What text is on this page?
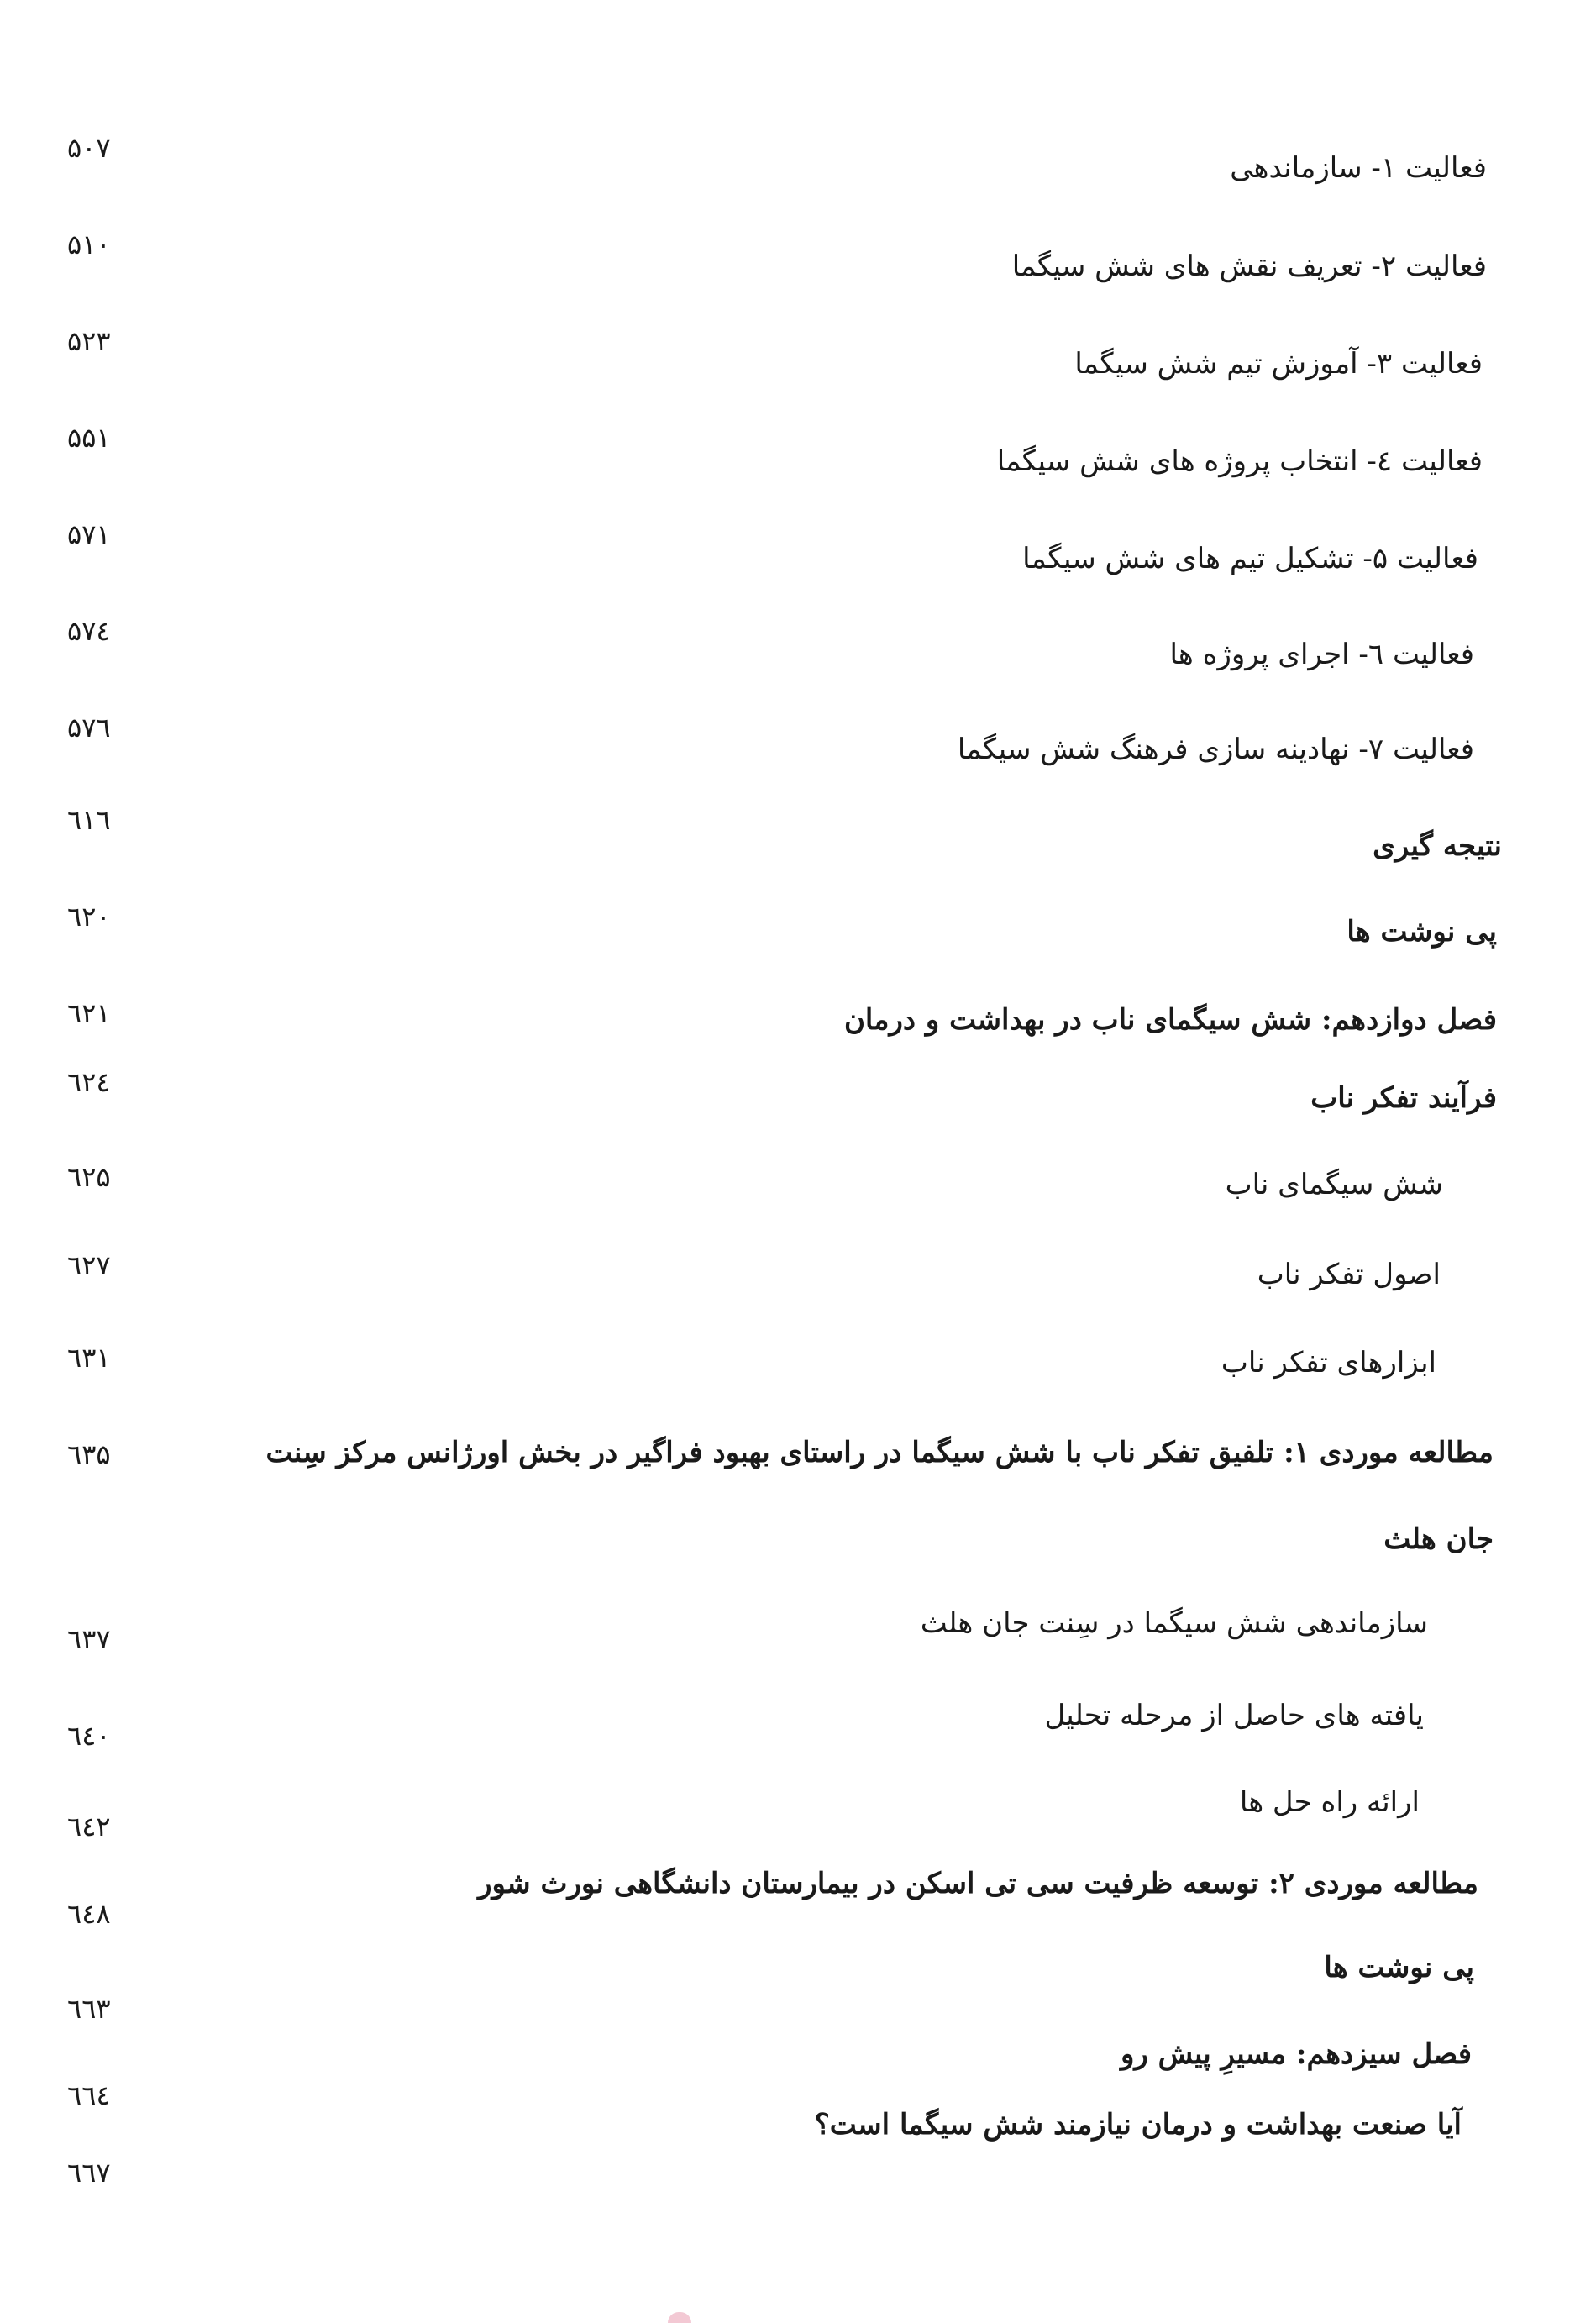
فعالیت ۱- سازماندهی
۵۰۷
فعالیت ۲- تعریف نقش های شش سیگما
۵۱۰
فعالیت ۳- آموزش تیم شش سیگما
۵۲۳
فعالیت ٤- انتخاب پروژه های شش سیگما
۵۵۱
فعالیت ۵- تشکیل تیم های شش سیگما
۵۷۱
فعالیت ٦- اجرای پروژه ها
۵۷٤
فعالیت ۷- نهادینه سازی فرهنگ شش سیگما
۵۷٦
نتیجه گیری
٦۱٦
پی نوشت ها
٦۲۰
فصل دوازدهم: شش سیگمای ناب در بهداشت و درمان
٦۲۱
فرآیند تفکر ناب
٦۲٤
شش سیگمای ناب
٦۲۵
اصول تفکر ناب
٦۲۷
ابزارهای تفکر ناب
٦۳۱
مطالعه موردی ۱: تلفیق تفکر ناب با شش سیگما در راستای بهبود فراگیر در بخش اورژانس مرکز سِنت
جان هلث
٦۳۵
سازماندهی شش سیگما در سِنت جان هلث
٦۳۷
یافته های حاصل از مرحله تحلیل
٦٤۰
ارائه راه حل ها
٦٤۲
مطالعه موردی ۲: توسعه ظرفیت سی تی اسکن در بیمارستان دانشگاهی نورث شور
٦٤۸
پی نوشت ها
٦٦۳
فصل سیزدهم: مسیرِ پیش رو
٦٦٤
آیا صنعت بهداشت و درمان نیازمند شش سیگما است؟
٦٦۷
